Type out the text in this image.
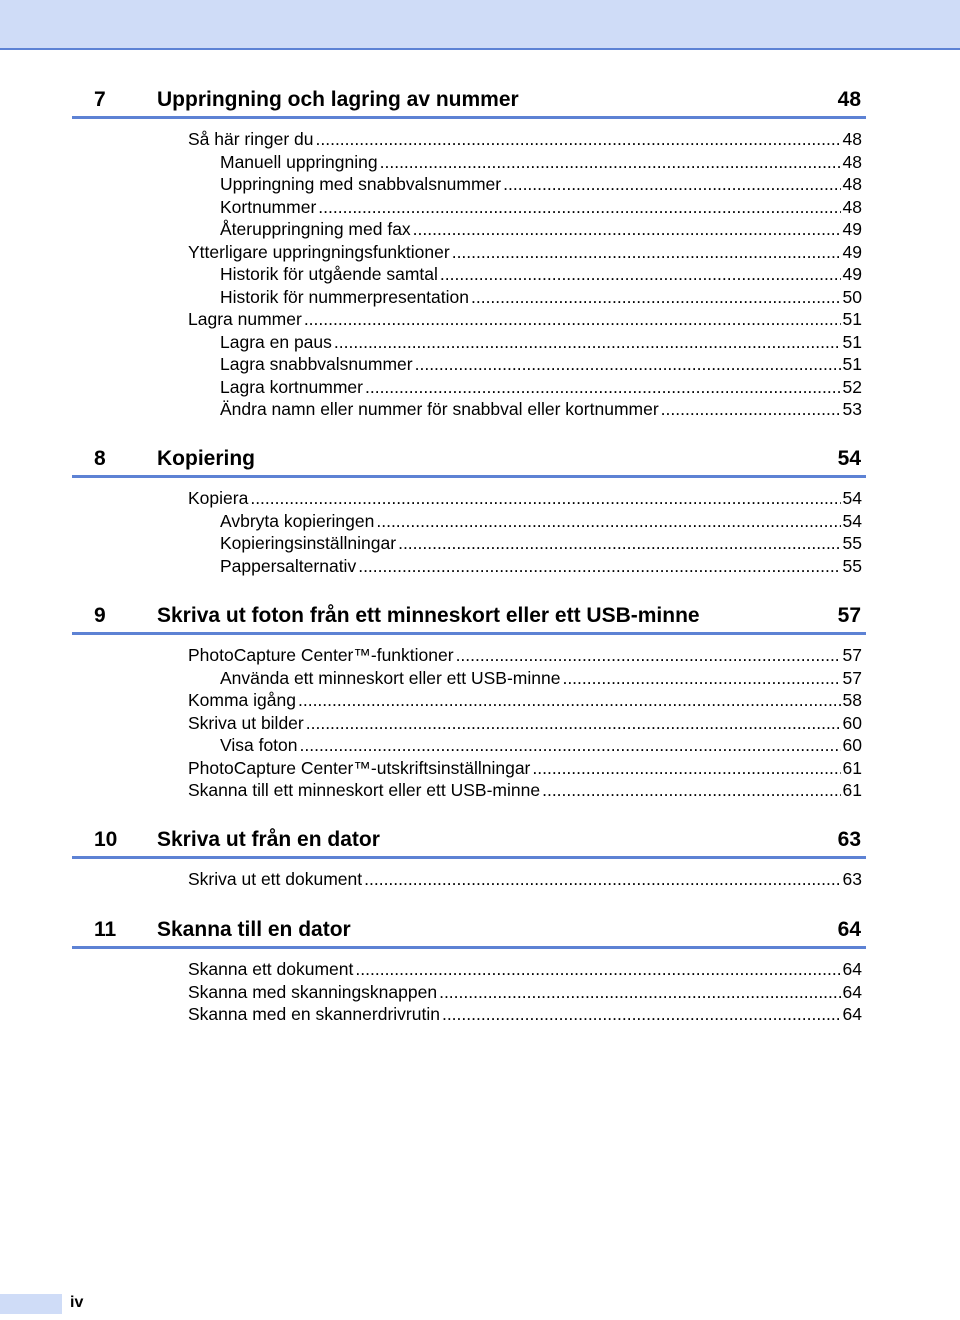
7 Uppringning och lagring av nummer	48
Så här ringer du .....	48
Manuell uppringning .....	48
Uppringning med snabbvalsnummer .....	48
Kortnummer .....	48
Återuppringning med fax .....	49
Ytterligare uppringningsfunktioner .....	49
Historik för utgående samtal .....	49
Historik för nummerpresentation .....	50
Lagra nummer .....	51
Lagra en paus .....	51
Lagra snabbvalsnummer .....	51
Lagra kortnummer .....	52
Ändra namn eller nummer för snabbval eller kortnummer .....	53
8 Kopiering	54
Kopiera .....	54
Avbryta kopieringen .....	54
Kopieringsinställningar .....	55
Pappersalternativ .....	55
9 Skriva ut foton från ett minneskort eller ett USB-minne	57
PhotoCapture Center™-funktioner .....	57
Använda ett minneskort eller ett USB-minne .....	57
Komma igång .....	58
Skriva ut bilder .....	60
Visa foton .....	60
PhotoCapture Center™-utskriftsinställningar .....	61
Skanna till ett minneskort eller ett USB-minne .....	61
10 Skriva ut från en dator	63
Skriva ut ett dokument .....	63
11 Skanna till en dator	64
Skanna ett dokument .....	64
Skanna med skanningsknappen .....	64
Skanna med en skannerdrivrutin .....	64
iv
